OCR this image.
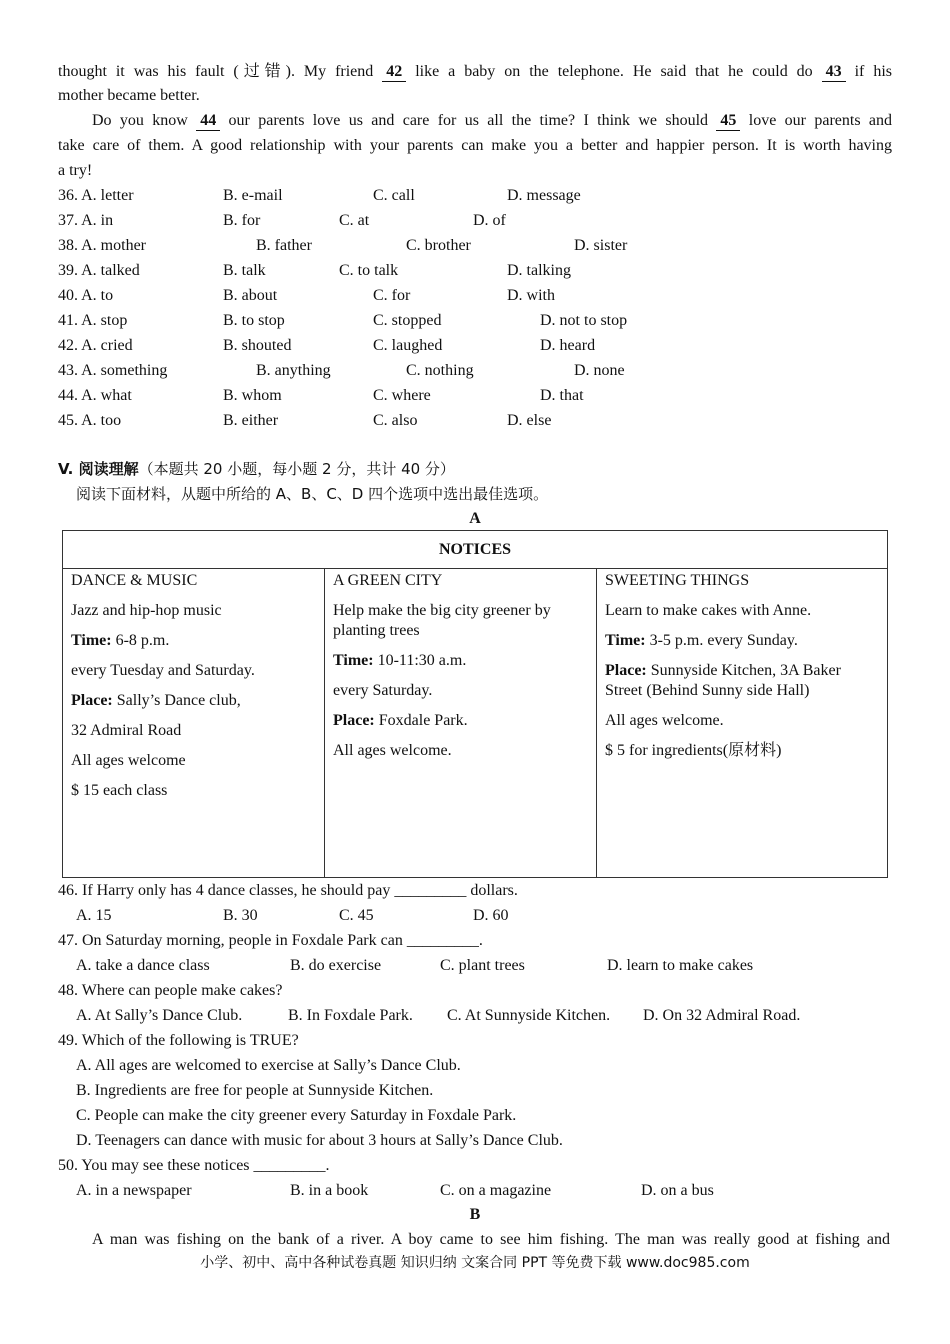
thought it was his fault (过错). My friend 42 like a baby on the telephone. He said that he could do 43 if his
mother became better.
Do you know 44 our parents love us and care for us all the time? I think we should 45 love our parents and
take care of them. A good relationship with your parents can make you a better and happier person. It is worth having
a try!
36. A. letter	B. e-mail	C. call	D. message
37. A. in	B. for	C. at	D. of
38. A. mother	B. father	C. brother	D. sister
39. A. talked	B. talk	C. to talk	D. talking
40. A. to	B. about	C. for	D. with
41. A. stop	B. to stop	C. stopped	D. not to stop
42. A. cried	B. shouted	C. laughed	D. heard
43. A. something	B. anything	C. nothing	D. none
44. A. what	B. whom	C. where	D. that
45. A. too	B. either	C. also	D. else
V. 阅读理解（本题共 20 小题，每小题 2 分，共计 40 分）
阅读下面材料，从题中所给的 A、B、C、D 四个选项中选出最佳选项。
A
NOTICES

DANCE & MUSIC

Jazz and hip-hop music

Time: 6-8 p.m.

every Tuesday and Saturday.

Place: Sally’s Dance club,

32 Admiral Road

All ages welcome

$ 15 each class

A GREEN CITY

Help make the big city greener by planting trees

Time: 10-11:30 a.m.

every Saturday.

Place: Foxdale Park.

All ages welcome.

SWEETING THINGS

Learn to make cakes with Anne.

Time: 3-5 p.m. every Sunday.

Place: Sunnyside Kitchen, 3A Baker Street (Behind Sunny side Hall)

All ages welcome.

$ 5 for ingredients(原材料)

46. If Harry only has 4 dance classes, he should pay _________ dollars.
A. 15	B. 30	C. 45	D. 60
47. On Saturday morning, people in Foxdale Park can _________.
A. take a dance class	B. do exercise	C. plant trees	D. learn to make cakes
48. Where can people make cakes?
A. At Sally’s Dance Club.	B. In Foxdale Park. C. At Sunnyside Kitchen. D. On 32 Admiral Road.
49. Which of the following is TRUE?
A. All ages are welcomed to exercise at Sally’s Dance Club.
B. Ingredients are free for people at Sunnyside Kitchen.
C. People can make the city greener every Saturday in Foxdale Park.
D. Teenagers can dance with music for about 3 hours at Sally’s Dance Club.
50. You may see these notices _________.
A. in a newspaper	B. in a book	C. on a magazine	D. on a bus
B
A man was fishing on the bank of a river. A boy came to see him fishing. The man was really good at fishing and
小学、初中、高中各种试卷真题 知识归纳 文案合同 PPT 等免费下载 www.doc985.com
